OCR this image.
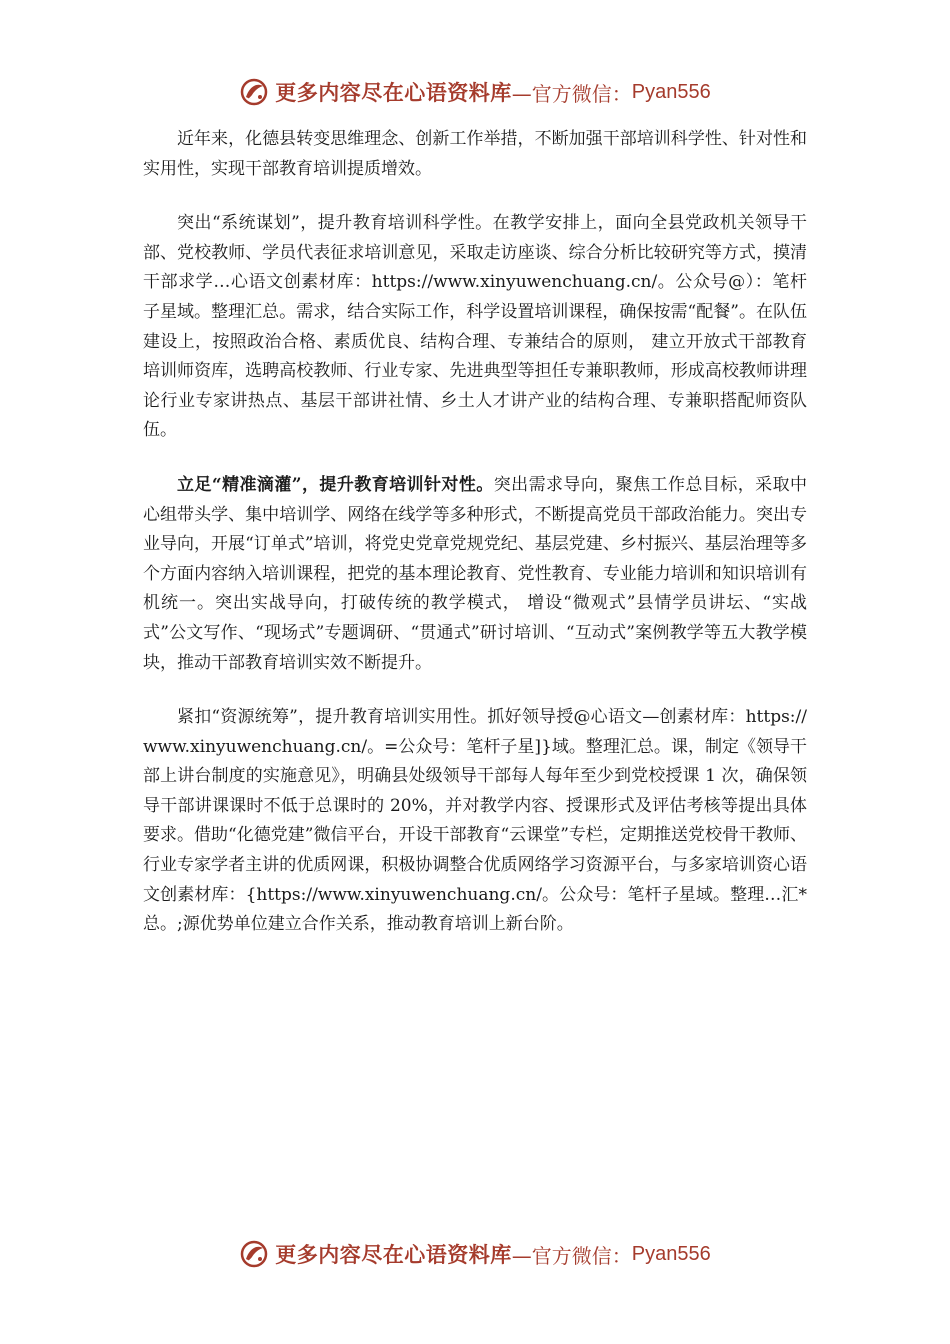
更多内容尽在心语资料库 —官方微信： Pyan556

近年来，化德县转变思维理念、创新工作举措，不断加强干部培训科学性、针对性和实用性，实现干部教育培训提质增效。

突出“系统谋划”，提升教育培训科学性。在教学安排上，面向全县党政机关领导干部、党校教师、学员代表征求培训意见，采取走访座谈、综合分析比较研究等方式，摸清干部求学…心语文创素材库：https://www.xinyuwenchuang.cn/。公众号@）：笔杆子星域。整理汇总。需求，结合实际工作，科学设置培训课程，确保按需“配餐”。在队伍建设上，按照政治合格、素质优良、结构合理、专兼结合的原则， 建立开放式干部教育培训师资库，选聘高校教师、行业专家、先进典型等担任专兼职教师，形成高校教师讲理论行业专家讲热点、基层干部讲社情、乡土人才讲产业的结构合理、专兼职搭配师资队伍。

立足“精准滴灌”，提升教育培训针对性。突出需求导向，聚焦工作总目标，采取中心组带头学、集中培训学、网络在线学等多种形式，不断提高党员干部政治能力。突出专业导向，开展“订单式”培训，将党史党章党规党纪、基层党建、乡村振兴、基层治理等多个方面内容纳入培训课程，把党的基本理论教育、党性教育、专业能力培训和知识培训有机统一。突出实战导向，打破传统的教学模式， 增设“微观式”县情学员讲坛、“实战式”公文写作、“现场式”专题调研、“贯通式”研讨培训、“互动式”案例教学等五大教学模块，推动干部教育培训实效不断提升。

紧扣“资源统筹”，提升教育培训实用性。抓好领导授@心语文—创素材库：https://www.xinyuwenchuang.cn/。=公众号：笔杆子星]}域。整理汇总。课，制定《领导干部上讲台制度的实施意见》，明确县处级领导干部每人每年至少到党校授课 1 次，确保领导干部讲课课时不低于总课时的 20%，并对教学内容、授课形式及评估考核等提出具体要求。借助“化德党建”微信平台，开设干部教育“云课堂”专栏，定期推送党校骨干教师、行业专家学者主讲的优质网课，积极协调整合优质网络学习资源平台，与多家培训资心语文创素材库：{https://www.xinyuwenchuang.cn/。公众号：笔杆子星域。整理…汇*总。;源优势单位建立合作关系，推动教育培训上新台阶。

更多内容尽在心语资料库 —官方微信： Pyan556
